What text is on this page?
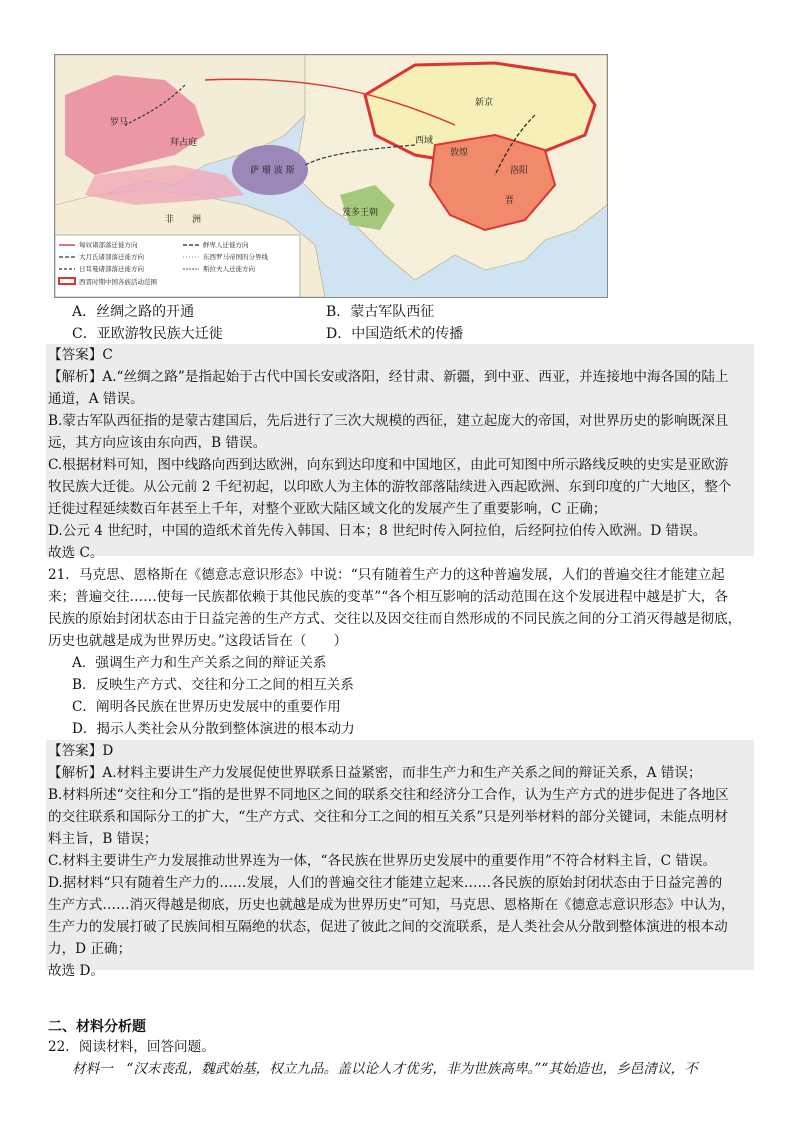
非　　洲
萨 珊 波 斯
笈多王朝
西域
敦煌
洛阳
晋
新京
罗马
拜占庭
匈奴诸部落迁徙方向	鲜卑人迁徙方向
大月氏诸部落迁徙方向	东西罗马帝国的分界线
日耳曼诸部落迁徙方向	斯拉夫人迁徙方向
西晋时期中国各族活动范围
A．丝绸之路的开通	B．蒙古军队西征
C．亚欧游牧民族大迁徙	D．中国造纸术的传播
【答案】C
【解析】A.“丝绸之路”是指起始于古代中国长安或洛阳，经甘肃、新疆，到中亚、西亚，并连接地中海各国的陆上
通道，A 错误。
B.蒙古军队西征指的是蒙古建国后，先后进行了三次大规模的西征，建立起庞大的帝国，对世界历史的影响既深且
远，其方向应该由东向西，B 错误。
C.根据材料可知，图中线路向西到达欧洲，向东到达印度和中国地区，由此可知图中所示路线反映的史实是亚欧游
牧民族大迁徙。从公元前 2 千纪初起，以印欧人为主体的游牧部落陆续进入西起欧洲、东到印度的广大地区，整个
迁徙过程延续数百年甚至上千年，对整个亚欧大陆区域文化的发展产生了重要影响，C 正确；
D.公元 4 世纪时，中国的造纸术首先传入韩国、日本；8 世纪时传入阿拉伯，后经阿拉伯传入欧洲。D 错误。
故选 C。
21．马克思、恩格斯在《德意志意识形态》中说：“只有随着生产力的这种普遍发展，人们的普遍交往才能建立起
来；普遍交往……使每一民族都依赖于其他民族的变革”“各个相互影响的活动范围在这个发展进程中越是扩大，各
民族的原始封闭状态由于日益完善的生产方式、交往以及因交往而自然形成的不同民族之间的分工消灭得越是彻底，
历史也就越是成为世界历史。”这段话旨在（　　）
A．强调生产力和生产关系之间的辩证关系
B．反映生产方式、交往和分工之间的相互关系
C．阐明各民族在世界历史发展中的重要作用
D．揭示人类社会从分散到整体演进的根本动力
【答案】D
【解析】A.材料主要讲生产力发展促使世界联系日益紧密，而非生产力和生产关系之间的辩证关系，A 错误；
B.材料所述“交往和分工”指的是世界不同地区之间的联系交往和经济分工合作，认为生产方式的进步促进了各地区
的交往联系和国际分工的扩大，“生产方式、交往和分工之间的相互关系”只是列举材料的部分关键词，未能点明材
料主旨，B 错误；
C.材料主要讲生产力发展推动世界连为一体，“各民族在世界历史发展中的重要作用”不符合材料主旨，C 错误。
D.据材料“只有随着生产力的……发展，人们的普遍交往才能建立起来……各民族的原始封闭状态由于日益完善的
生产方式……消灭得越是彻底，历史也就越是成为世界历史”可知，马克思、恩格斯在《德意志意识形态》中认为，
生产力的发展打破了民族间相互隔绝的状态，促进了彼此之间的交流联系，是人类社会从分散到整体演进的根本动
力，D 正确；
故选 D。
二、材料分析题
22．阅读材料，回答问题。
材料一　“汉末丧乱，魏武始基，权立九品。盖以论人才优劣，非为世族高卑。”“其始造也，乡邑清议，不
